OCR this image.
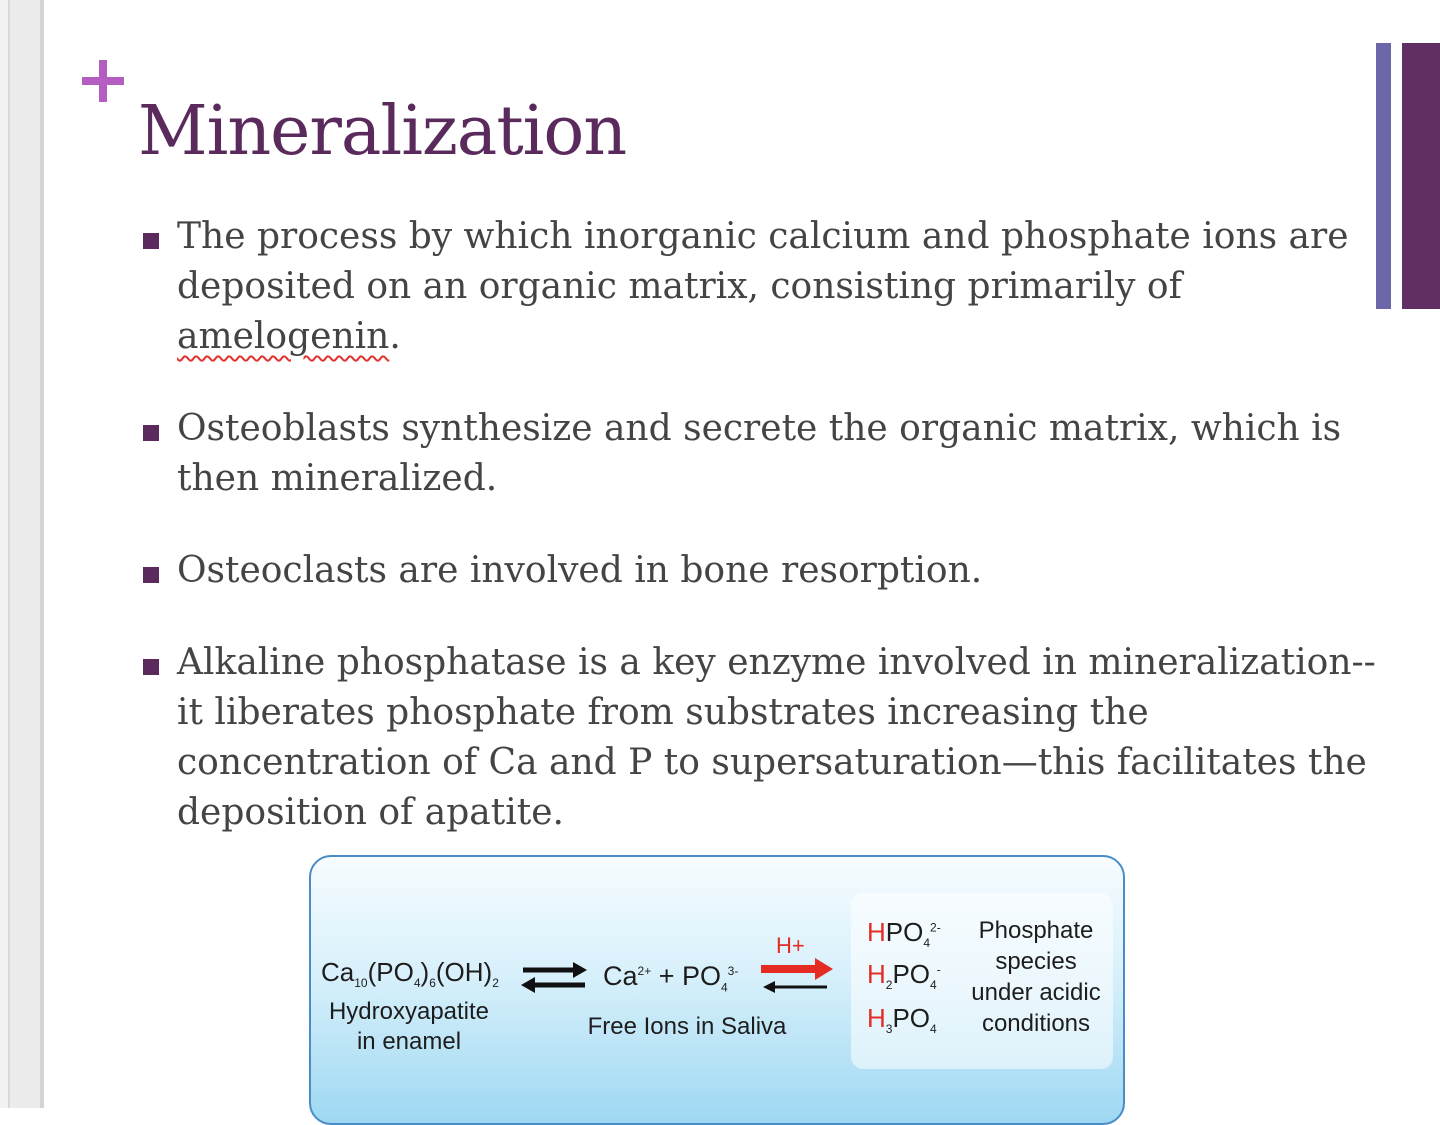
Mineralization
The process by which inorganic calcium and phosphate ions are deposited on an organic matrix, consisting primarily of amelogenin.
Osteoblasts synthesize and secrete the organic matrix, which is then mineralized.
Osteoclasts are involved in bone resorption.
Alkaline phosphatase is a key enzyme involved in mineralization--it liberates phosphate from substrates increasing the concentration of Ca and P to supersaturation—this facilitates the deposition of apatite.
$Ca_{10}(PO_4)_6(OH)_2$
Hydroxyapatite
in enamel
$Ca^{2+} + PO_4^{3-}$
Free Ions in Saliva
$H+ HPO_4^{2-}$
$H_2PO_4^-$
$H_3PO_4$
Phosphate
species
under acidic
conditions
